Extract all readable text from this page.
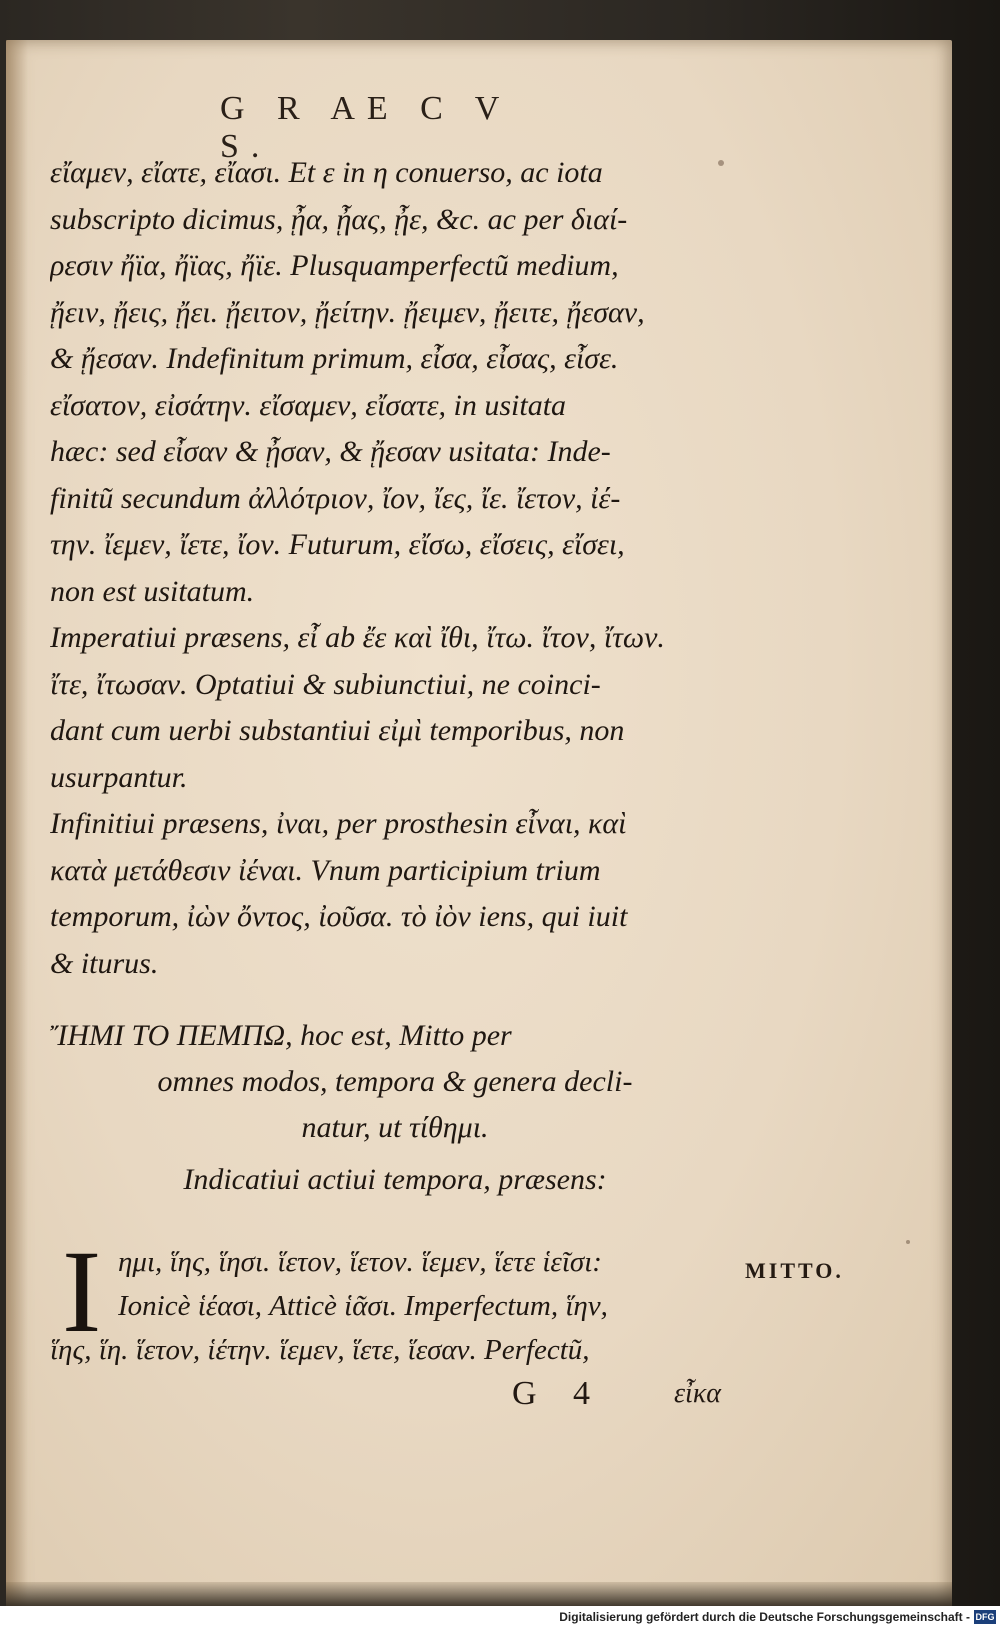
G R AE C V S.
εἴαμεν, εἴατε, εἴασι. Et ε in η conuerso, ac iota
subscripto dicimus, ᾖα, ᾖας, ᾖε, &c. ac per διαί-
ρεσιν ἤϊα, ἤϊας, ἤϊε. Plusquamperfectũ medium,
ᾔειν, ᾔεις, ᾔει. ᾔειτον, ᾔείτην. ᾔειμεν, ᾔειτε, ᾔεσαν,
& ᾔεσαν. Indefinitum primum, εἶσα, εἶσας, εἶσε.
εἴσατον, εἰσάτην. εἴσαμεν, εἴσατε, in usitata
hæc: sed εἶσαν & ᾖσαν, & ᾔεσαν usitata: Inde-
finitũ secundum ἀλλότριον, ἴον, ἴες, ἴε. ἴετον, ἰέ-
την. ἴεμεν, ἴετε, ἴον. Futurum, εἴσω, εἴσεις, εἴσει,
non est usitatum.
Imperatiui præsens, εἶ ab ἔε καὶ ἴθι, ἴτω. ἴτον, ἴτων.
ἴτε, ἴτωσαν. Optatiui & subiunctiui, ne coinci-
dant cum uerbi substantiui εἰμὶ temporibus, non
usurpantur.
Infinitiui præsens, ἰναι, per prosthesin εἶναι, καὶ
κατὰ μετάθεσιν ἰέναι. Vnum participium trium
temporum, ἰὼν ὄντος, ἰοῦσα. τὸ ἰὸν iens, qui iuit
& iturus.
ἼΗΜΙ ΤΟ ΠΕΜΠΩ, hoc est, Mitto per
omnes modos, tempora & genera decli-
natur, ut τίθημι.
Indicatiui actiui tempora, præsens:
I ημι, ἵης, ἵησι. ἵετον, ἵετον. ἵεμεν, ἵετε ἱεῖσι:
Ionicè ἱέασι, Atticè ἱᾶσι. Imperfectum, ἵην,
ἵης, ἵη. ἵετον, ἱέτην. ἵεμεν, ἵετε, ἵεσαν. Perfectũ,
MITTO.
G 4 εἶκα
Digitalisierung gefördert durch die Deutsche Forschungsgemeinschaft - DFG
